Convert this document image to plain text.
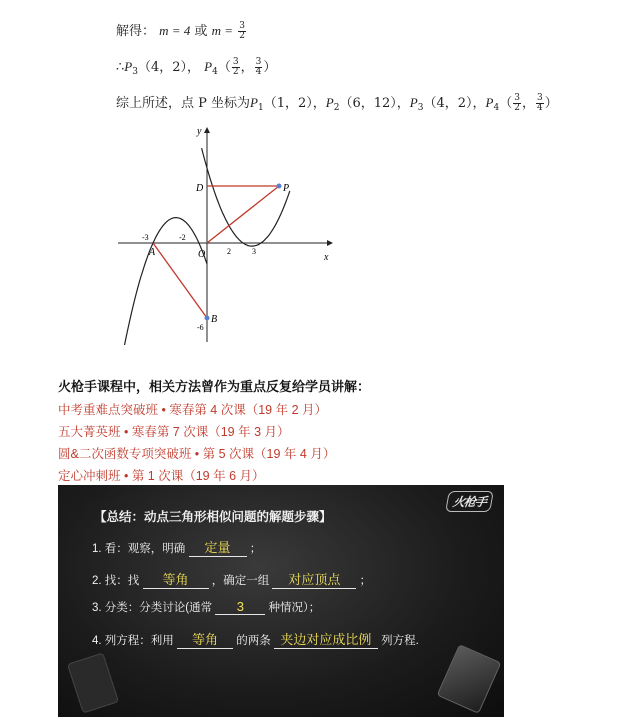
解得： m = 4 或 $m = \frac{3}{2}$
$\therefore P_3(4$，2）， $P_4( \frac{3}{2}$ ， $\frac{3}{4}$ ）
综上所述，点 P 坐标为$P_1(1$，2），$P_2(6$，12），$P_3(4$，2），$P_4( \frac{3}{2}$ ， $\frac{3}{4}$ ）
x
y
O
D	P
A
B
-3	-2
2	3
-6
火枪手课程中，相关方法曾作为重点反复给学员讲解：
中考重难点突破班 • 寒春第 4 次课（19 年 2 月）
五大菁英班 • 寒春第 7 次课（19 年 3 月）
圆&二次函数专项突破班 • 第 5 次课（19 年 4 月）
定心冲刺班 • 第 1 次课（19 年 6 月）
火枪手
【总结：动点三角形相似问题的解题步骤】
1. 看：观察，明确 定量 ；
2. 找：找 等角 ，确定一组 对应顶点 ；
3. 分类：分类讨论(通常 3 种情况）；
4. 列方程：利用 等角 的两条 夹边对应成比例 列方程.
